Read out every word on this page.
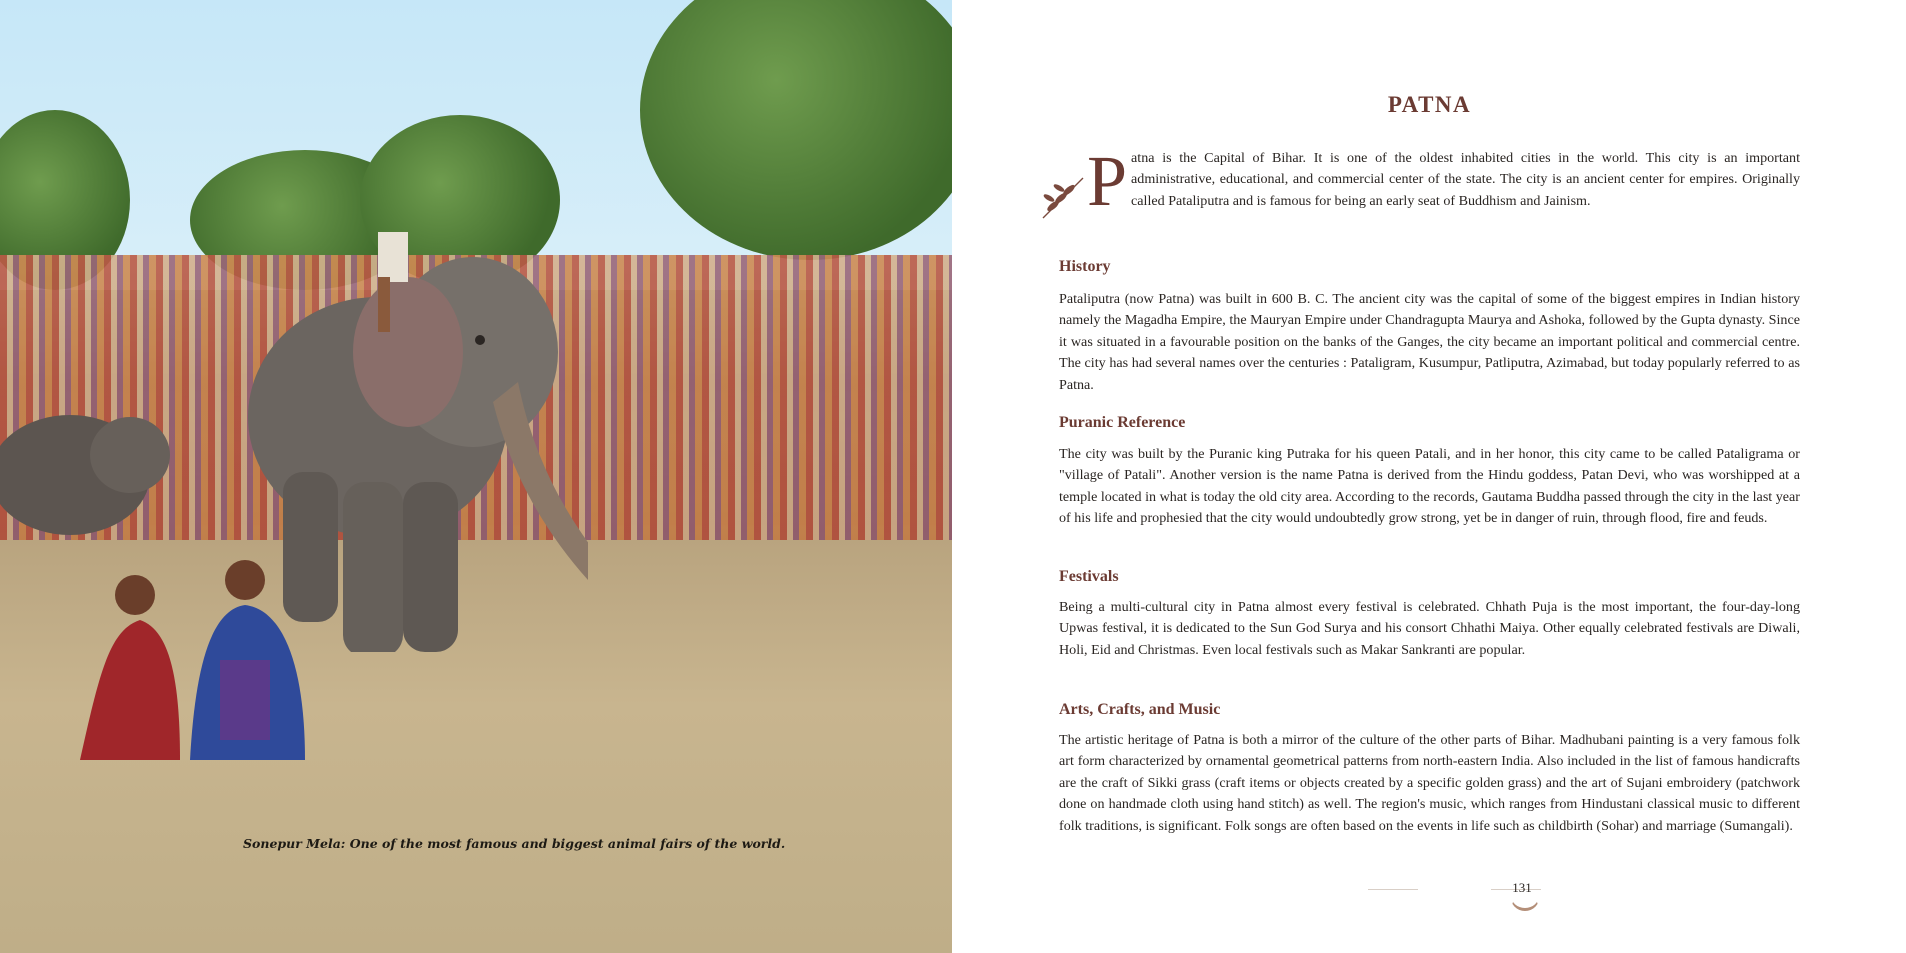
Sonepur Mela: One of the most famous and biggest animal fairs of the world.
PATNA
P atna is the Capital of Bihar. It is one of the oldest inhabited cities in the world. This city is an important administrative, educational, and commercial center of the state. The city is an ancient center for empires. Originally called Pataliputra and is famous for being an early seat of Buddhism and Jainism.
History
Pataliputra (now Patna) was built in 600 B. C. The ancient city was the capital of some of the biggest empires in Indian history namely the Magadha Empire, the Mauryan Empire under Chandragupta Maurya and Ashoka, followed by the Gupta dynasty. Since it was situated in a favourable position on the banks of the Ganges, the city became an important political and commercial centre. The city has had several names over the centuries : Pataligram, Kusumpur, Patliputra, Azimabad, but today popularly referred to as Patna.
Puranic Reference
The city was built by the Puranic king Putraka for his queen Patali, and in her honor, this city came to be called Pataligrama or "village of Patali". Another version is the name Patna is derived from the Hindu goddess, Patan Devi, who was worshipped at a temple located in what is today the old city area. According to the records, Gautama Buddha passed through the city in the last year of his life and prophesied that the city would undoubtedly grow strong, yet be in danger of ruin, through flood, fire and feuds.
Festivals
Being a multi-cultural city in Patna almost every festival is celebrated. Chhath Puja is the most important, the four-day-long Upwas festival, it is dedicated to the Sun God Surya and his consort Chhathi Maiya. Other equally celebrated festivals are Diwali, Holi, Eid and Christmas. Even local festivals such as Makar Sankranti are popular.
Arts, Crafts, and Music
The artistic heritage of Patna is both a mirror of the culture of the other parts of Bihar. Madhubani painting is a very famous folk art form characterized by ornamental geometrical patterns from north-eastern India. Also included in the list of famous handicrafts are the craft of Sikki grass (craft items or objects created by a specific golden grass) and the art of Sujani embroidery (patchwork done on handmade cloth using hand stitch) as well. The region's music, which ranges from Hindustani classical music to different folk traditions, is significant. Folk songs are often based on the events in life such as childbirth (Sohar) and marriage (Sumangali).
131
